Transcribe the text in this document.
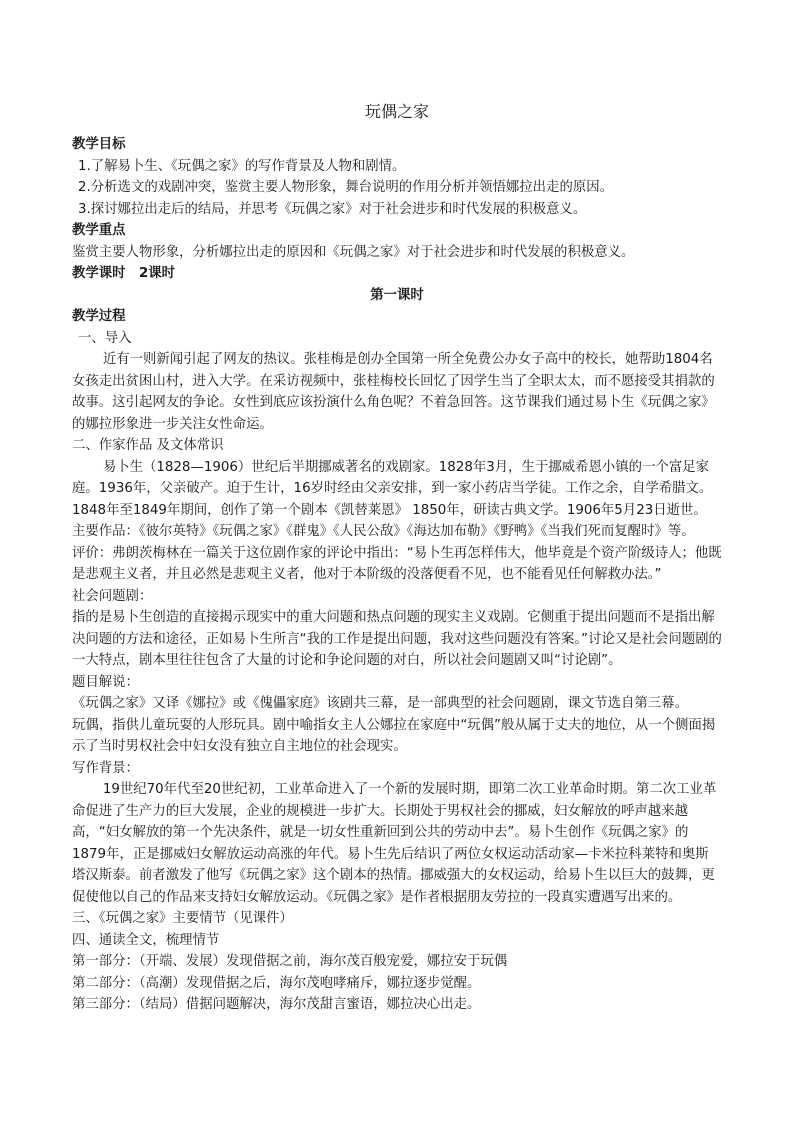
玩偶之家
教学目标
1.了解易卜生、《玩偶之家》的写作背景及人物和剧情。
2.分析选文的戏剧冲突，鉴赏主要人物形象，舞台说明的作用分析并领悟娜拉出走的原因。
3.探讨娜拉出走后的结局，并思考《玩偶之家》对于社会进步和时代发展的积极意义。
教学重点
鉴赏主要人物形象，分析娜拉出走的原因和《玩偶之家》对于社会进步和时代发展的积极意义。
教学课时　2课时
第一课时
教学过程
一、导入
近有一则新闻引起了网友的热议。张桂梅是创办全国第一所全免费公办女子高中的校长，她帮助1804名女孩走出贫困山村，进入大学。在采访视频中，张桂梅校长回忆了因学生当了全职太太，而不愿接受其捐款的故事。这引起网友的争论。女性到底应该扮演什么角色呢？不着急回答。这节课我们通过易卜生《玩偶之家》的娜拉形象进一步关注女性命运。
二、作家作品 及文体常识
易卜生（1828—1906）世纪后半期挪威著名的戏剧家。1828年3月，生于挪威希恩小镇的一个富足家庭。1936年，父亲破产。迫于生计，16岁时经由父亲安排，到一家小药店当学徒。工作之余，自学希腊文。1848年至1849年期间，创作了第一个剧本《凯替莱恩》 1850年，研读古典文学。1906年5月23日逝世。
主要作品：《彼尔英特》《玩偶之家》《群鬼》《人民公敌》《海达加布勒》《野鸭》《当我们死而复醒时》等。
评价：弗朗茨梅林在一篇关于这位剧作家的评论中指出：“易卜生再怎样伟大，他毕竟是个资产阶级诗人；他既是悲观主义者，并且必然是悲观主义者，他对于本阶级的没落便看不见，也不能看见任何解救办法。”
社会问题剧：
指的是易卜生创造的直接揭示现实中的重大问题和热点问题的现实主义戏剧。它侧重于提出问题而不是指出解决问题的方法和途径，正如易卜生所言“我的工作是提出问题，我对这些问题没有答案。”讨论又是社会问题剧的一大特点，剧本里往往包含了大量的讨论和争论问题的对白，所以社会问题剧又叫“讨论剧”。
题目解说：
《玩偶之家》又译《娜拉》或《傀儡家庭》该剧共三幕，是一部典型的社会问题剧，课文节选自第三幕。
玩偶，指供儿童玩耍的人形玩具。剧中喻指女主人公娜拉在家庭中“玩偶”般从属于丈夫的地位，从一个侧面揭示了当时男权社会中妇女没有独立自主地位的社会现实。
写作背景：
19世纪70年代至20世纪初，工业革命进入了一个新的发展时期，即第二次工业革命时期。第二次工业革命促进了生产力的巨大发展，企业的规模进一步扩大。长期处于男权社会的挪威，妇女解放的呼声越来越高，“妇女解放的第一个先决条件，就是一切女性重新回到公共的劳动中去”。易卜生创作《玩偶之家》的1879年，正是挪威妇女解放运动高涨的年代。易卜生先后结识了两位女权运动活动家—卡米拉科莱特和奥斯塔汉斯泰。前者激发了他写《玩偶之家》这个剧本的热情。挪威强大的女权运动，给易卜生以巨大的鼓舞，更促使他以自己的作品来支持妇女解放运动。《玩偶之家》是作者根据朋友劳拉的一段真实遭遇写出来的。
三、《玩偶之家》主要情节（见课件）
四、通读全文，梳理情节
第一部分：（开端、发展）发现借据之前，海尔茂百般宠爱，娜拉安于玩偶
第二部分：（高潮）发现借据之后，海尔茂咆哮痛斥，娜拉逐步觉醒。
第三部分：（结局）借据问题解决，海尔茂甜言蜜语，娜拉决心出走。
